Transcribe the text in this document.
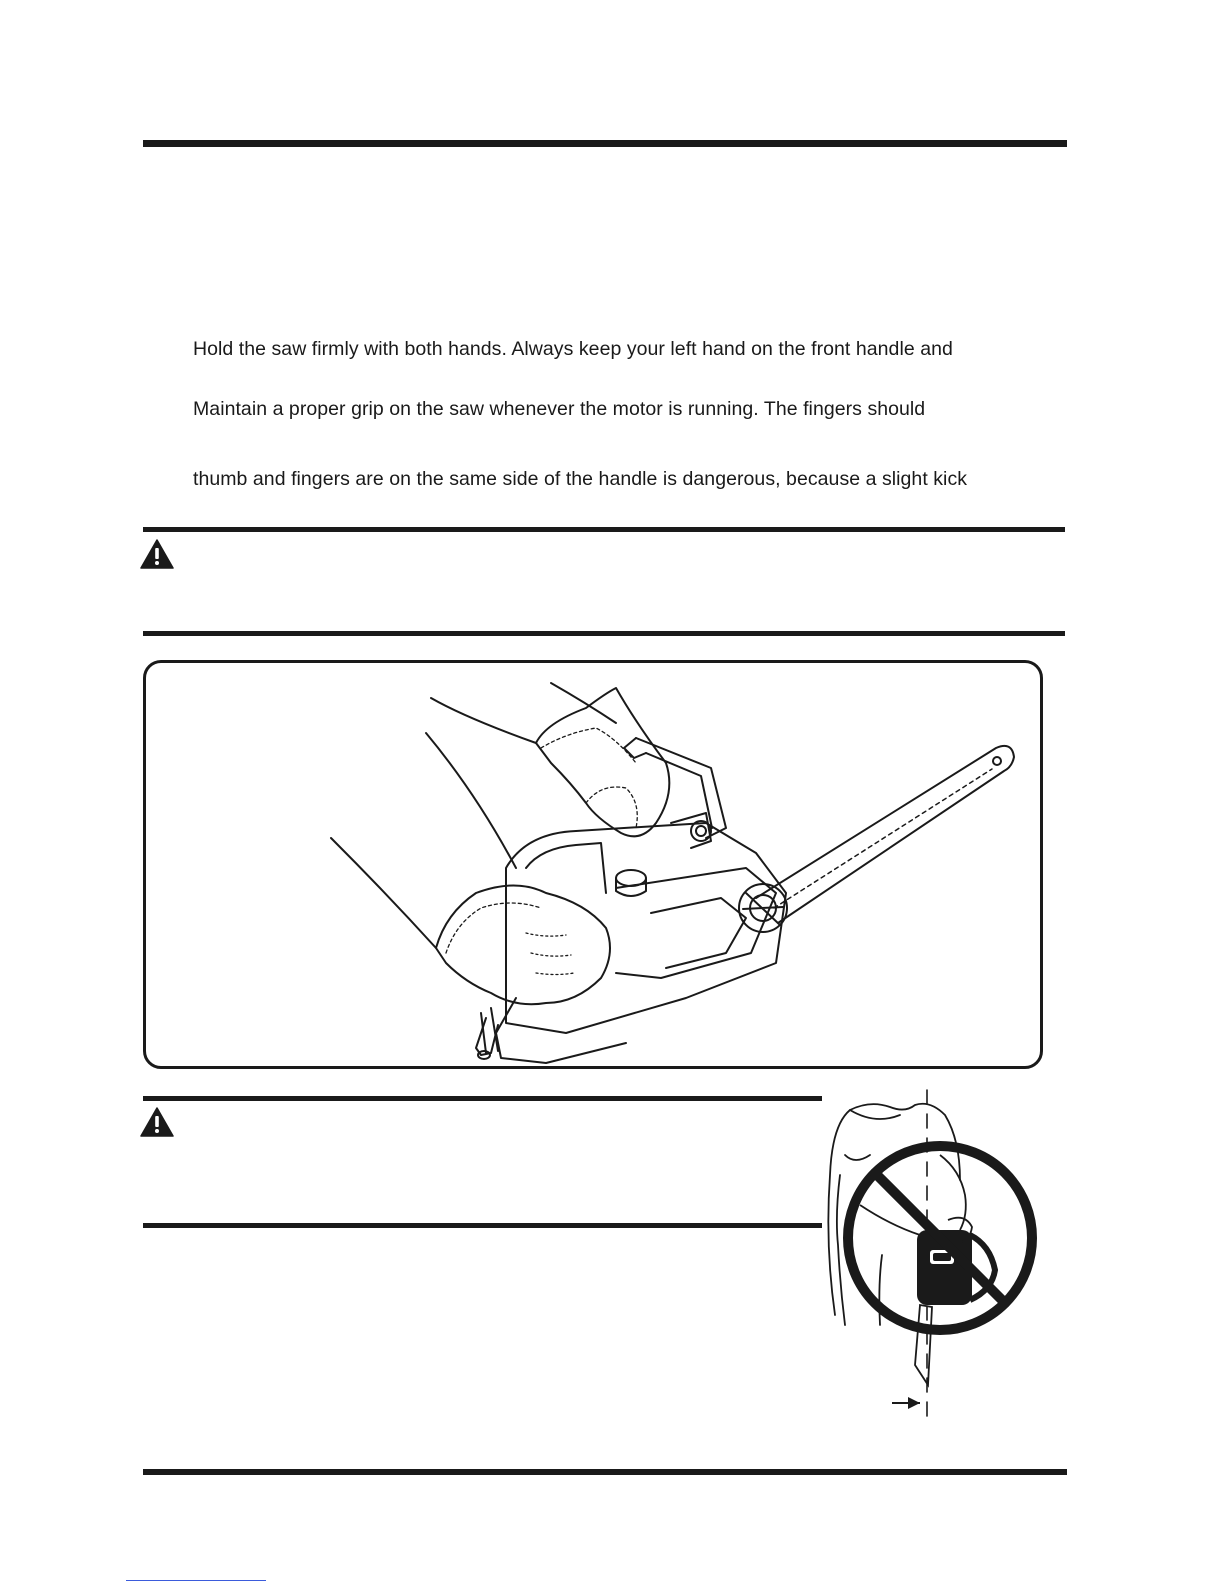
Hold the saw firmly with both hands. Always keep your left hand on the front handle and
Maintain a proper grip on the saw whenever the motor is running. The fingers should
thumb and fingers are on the same side of the handle is dangerous, because a slight kick
